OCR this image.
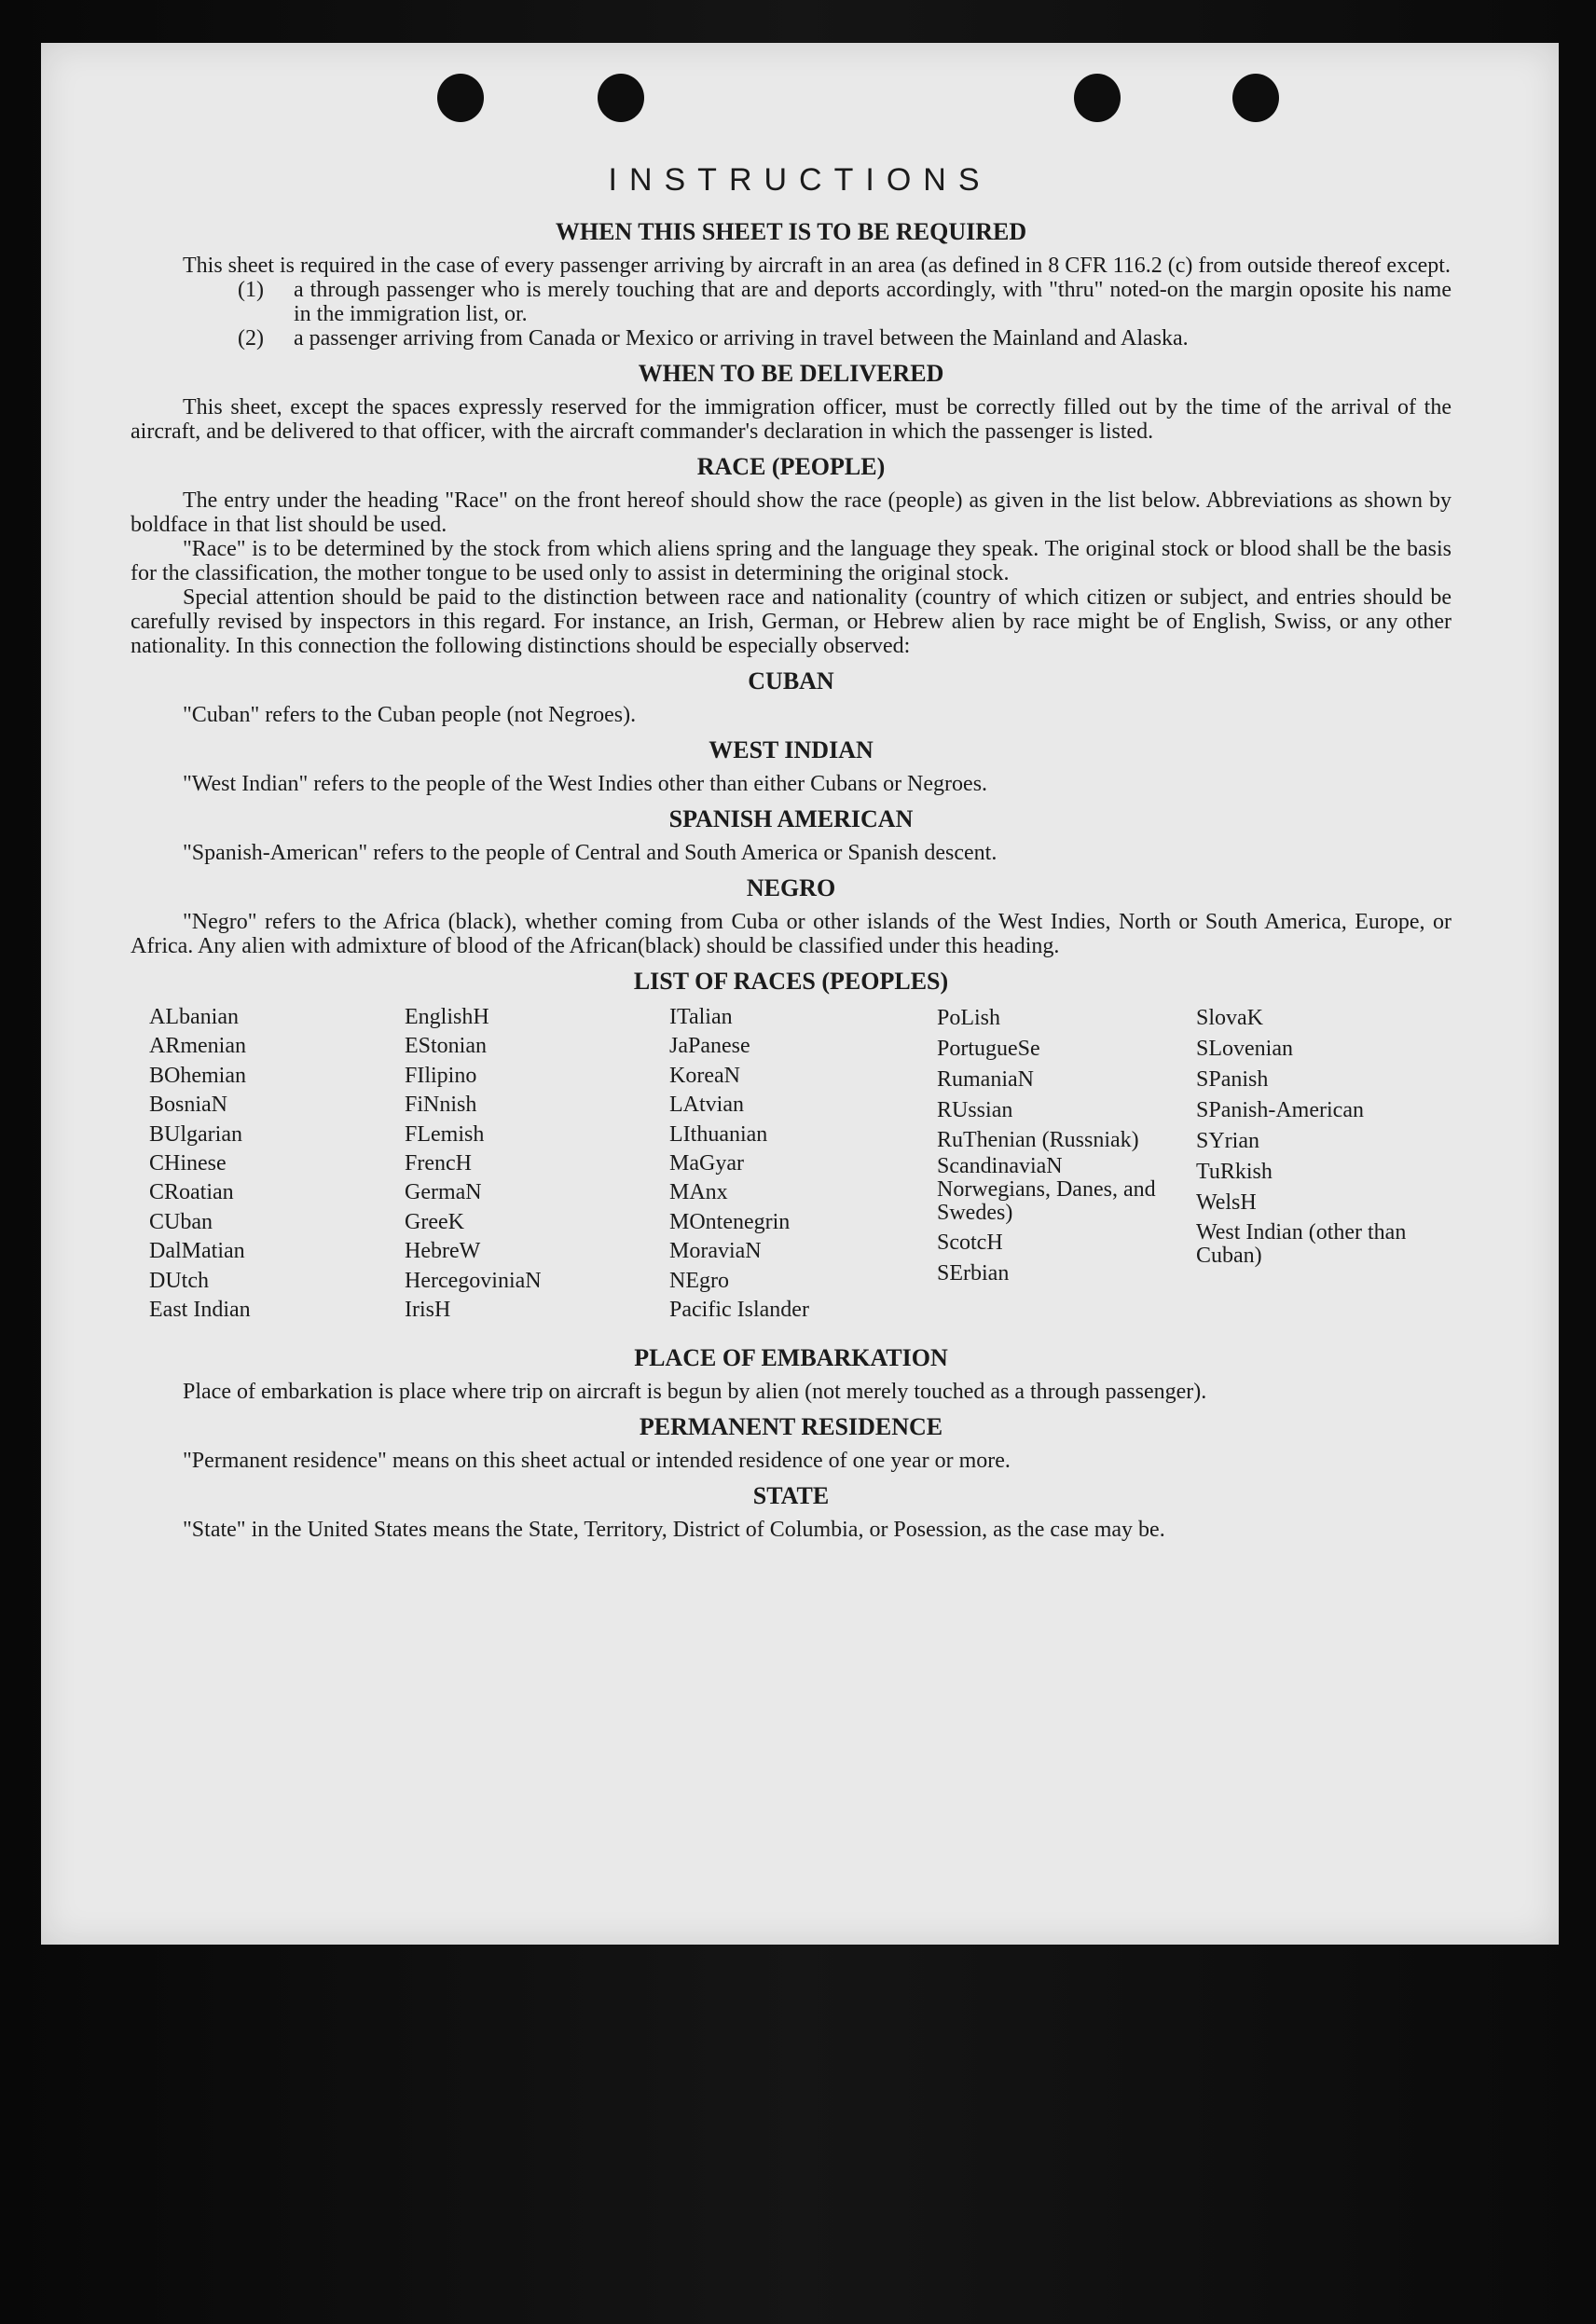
INSTRUCTIONS
WHEN THIS SHEET IS TO BE REQUIRED

This sheet is required in the case of every passenger arriving by aircraft in an area (as defined in 8 CFR 116.2 (c) from outside thereof except.

(1)	a through passenger who is merely touching that are and deports accordingly, with "thru" noted-on the margin oposite his name in the immigration list, or.
(2)	a passenger arriving from Canada or Mexico or arriving in travel between the Mainland and Alaska.
WHEN TO BE DELIVERED

This sheet, except the spaces expressly reserved for the immigration officer, must be correctly filled out by the time of the arrival of the aircraft, and be delivered to that officer, with the aircraft commander's declaration in which the passenger is listed.

RACE (PEOPLE)

The entry under the heading "Race" on the front hereof should show the race (people) as given in the list below. Abbreviations as shown by boldface in that list should be used.

"Race" is to be determined by the stock from which aliens spring and the language they speak. The original stock or blood shall be the basis for the classification, the mother tongue to be used only to assist in determining the original stock.

Special attention should be paid to the distinction between race and nationality (country of which citizen or subject, and entries should be carefully revised by inspectors in this regard. For instance, an Irish, German, or Hebrew alien by race might be of English, Swiss, or any other nationality. In this connection the following distinctions should be especially observed:

CUBAN

"Cuban" refers to the Cuban people (not Negroes).

WEST INDIAN

"West Indian" refers to the people of the West Indies other than either Cubans or Negroes.

SPANISH AMERICAN

"Spanish-American" refers to the people of Central and South America or Spanish descent.

NEGRO

"Negro" refers to the Africa (black), whether coming from Cuba or other islands of the West Indies, North or South America, Europe, or Africa. Any alien with admixture of blood of the African(black) should be classified under this heading.

LIST OF RACES (PEOPLES)
ALbanian
ARmenian
BOhemian
BosniaN
BUlgarian
CHinese
CRoatian
CUban
DalMatian
DUtch
East Indian
EnglishH
EStonian
FIlipino
FiNnish
FLemish
FrencH
GermaN
GreeK
HebreW
HercegoviniaN
IrisH
ITalian
JaPanese
KoreaN
LAtvian
LIthuanian
MaGyar
MAnx
MOntenegrin
MoraviaN
NEgro
Pacific Islander
PoLish
PortugueSe
RumaniaN
RUssian
RuThenian (Russniak)
ScandinaviaN Norwegians, Danes, and Swedes)
ScotcH
SErbian
SlovaK
SLovenian
SPanish
SPanish-American
SYrian
TuRkish
WelsH
West Indian (other than Cuban)
PLACE OF EMBARKATION

Place of embarkation is place where trip on aircraft is begun by alien (not merely touched as a through passenger).

PERMANENT RESIDENCE

"Permanent residence" means on this sheet actual or intended residence of one year or more.

STATE

"State" in the United States means the State, Territory, District of Columbia, or Posession, as the case may be.
